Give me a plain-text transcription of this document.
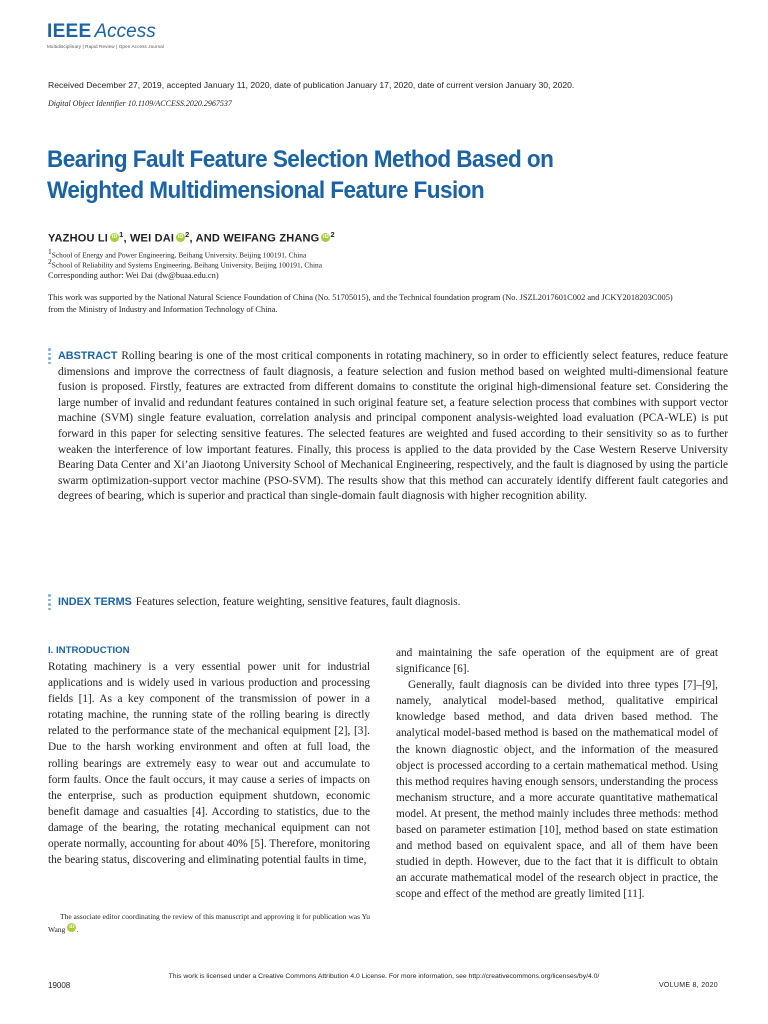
IEEE Access
Multidisciplinary | Rapid Review | Open Access Journal
Received December 27, 2019, accepted January 11, 2020, date of publication January 17, 2020, date of current version January 30, 2020.
Digital Object Identifier 10.1109/ACCESS.2020.2967537
Bearing Fault Feature Selection Method Based on
Weighted Multidimensional Feature Fusion
YAZHOU LI iD $^1$, WEI DAI iD $^2$, AND WEIFANG ZHANG iD $^2$
$^1$School of Energy and Power Engineering, Beihang University, Beijing 100191, China
$^2$School of Reliability and Systems Engineering, Beihang University, Beijing 100191, China
Corresponding author: Wei Dai (dw@buaa.edu.cn)
This work was supported by the National Natural Science Foundation of China (No. 51705015), and the Technical foundation program (No. JSZL2017601C002 and JCKY2018203C005) from the Ministry of Industry and Information Technology of China.
ABSTRACT Rolling bearing is one of the most critical components in rotating machinery, so in order to efficiently select features, reduce feature dimensions and improve the correctness of fault diagnosis, a feature selection and fusion method based on weighted multi-dimensional feature fusion is proposed. Firstly, features are extracted from different domains to constitute the original high-dimensional feature set. Considering the large number of invalid and redundant features contained in such original feature set, a feature selection process that combines with support vector machine (SVM) single feature evaluation, correlation analysis and principal component analysis-weighted load evaluation (PCA-WLE) is put forward in this paper for selecting sensitive features. The selected features are weighted and fused according to their sensitivity so as to further weaken the interference of low important features. Finally, this process is applied to the data provided by the Case Western Reserve University Bearing Data Center and Xi’an Jiaotong University School of Mechanical Engineering, respectively, and the fault is diagnosed by using the particle swarm optimization-support vector machine (PSO-SVM). The results show that this method can accurately identify different fault categories and degrees of bearing, which is superior and practical than single-domain fault diagnosis with higher recognition ability.
INDEX TERMS Features selection, feature weighting, sensitive features, fault diagnosis.
I. INTRODUCTION

Rotating machinery is a very essential power unit for industrial applications and is widely used in various production and processing fields [1]. As a key component of the transmission of power in a rotating machine, the running state of the rolling bearing is directly related to the performance state of the mechanical equipment [2], [3]. Due to the harsh working environment and often at full load, the rolling bearings are extremely easy to wear out and accumulate to form faults. Once the fault occurs, it may cause a series of impacts on the enterprise, such as production equipment shutdown, economic benefit damage and casualties [4]. According to statistics, due to the damage of the bearing, the rotating mechanical equipment can not operate normally, accounting for about 40% [5]. Therefore, monitoring the bearing status, discovering and eliminating potential faults in time,

and maintaining the safe operation of the equipment are of great significance [6].

Generally, fault diagnosis can be divided into three types [7]–[9], namely, analytical model-based method, qualitative empirical knowledge based method, and data driven based method. The analytical model-based method is based on the mathematical model of the known diagnostic object, and the information of the measured object is processed according to a certain mathematical method. Using this method requires having enough sensors, understanding the process mechanism structure, and a more accurate quantitative mathematical model. At present, the method mainly includes three methods: method based on parameter estimation [10], method based on state estimation and method based on equivalent space, and all of them have been studied in depth. However, due to the fact that it is difficult to obtain an accurate mathematical model of the research object in practice, the scope and effect of the method are greatly limited [11].

The associate editor coordinating the review of this manuscript and approving it for publication was Yu Wang iD .
This work is licensed under a Creative Commons Attribution 4.0 License. For more information, see http://creativecommons.org/licenses/by/4.0/
19008	VOLUME 8, 2020
